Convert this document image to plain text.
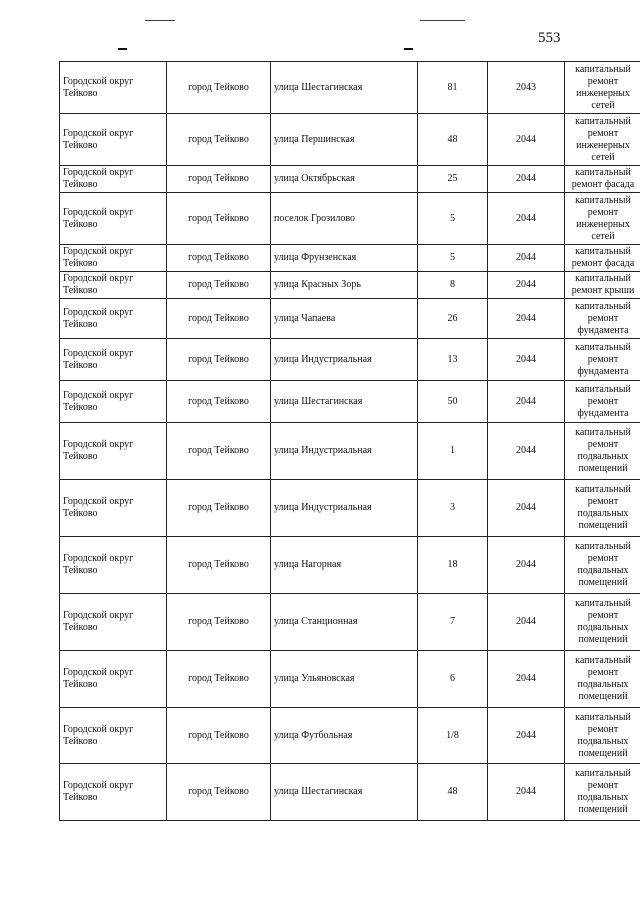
553
Городской округ Тейково	город Тейково	улица Шестагинская	81	2043	капитальный ремонт инженерных сетей
Городской округ Тейково	город Тейково	улица Першинская	48	2044	капитальный ремонт инженерных сетей
Городской округ Тейково	город Тейково	улица Октябрьская	25	2044	капитальный ремонт фасада
Городской округ Тейково	город Тейково	поселок Грозилово	5	2044	капитальный ремонт инженерных сетей
Городской округ Тейково	город Тейково	улица Фрунзенская	5	2044	капитальный ремонт фасада
Городской округ Тейково	город Тейково	улица Красных Зорь	8	2044	капитальный ремонт крыши
Городской округ Тейково	город Тейково	улица Чапаева	26	2044	капитальный ремонт фундамента
Городской округ Тейково	город Тейково	улица Индустриальная	13	2044	капитальный ремонт фундамента
Городской округ Тейково	город Тейково	улица Шестагинская	50	2044	капитальный ремонт фундамента
Городской округ Тейково	город Тейково	улица Индустриальная	1	2044	капитальный ремонт подвальных помещений
Городской округ Тейково	город Тейково	улица Индустриальная	3	2044	капитальный ремонт подвальных помещений
Городской округ Тейково	город Тейково	улица Нагорная	18	2044	капитальный ремонт подвальных помещений
Городской округ Тейково	город Тейково	улица Станционная	7	2044	капитальный ремонт подвальных помещений
Городской округ Тейково	город Тейково	улица Ульяновская	6	2044	капитальный ремонт подвальных помещений
Городской округ Тейково	город Тейково	улица Футбольная	1/8	2044	капитальный ремонт подвальных помещений
Городской округ Тейково	город Тейково	улица Шестагинская	48	2044	капитальный ремонт подвальных помещений
